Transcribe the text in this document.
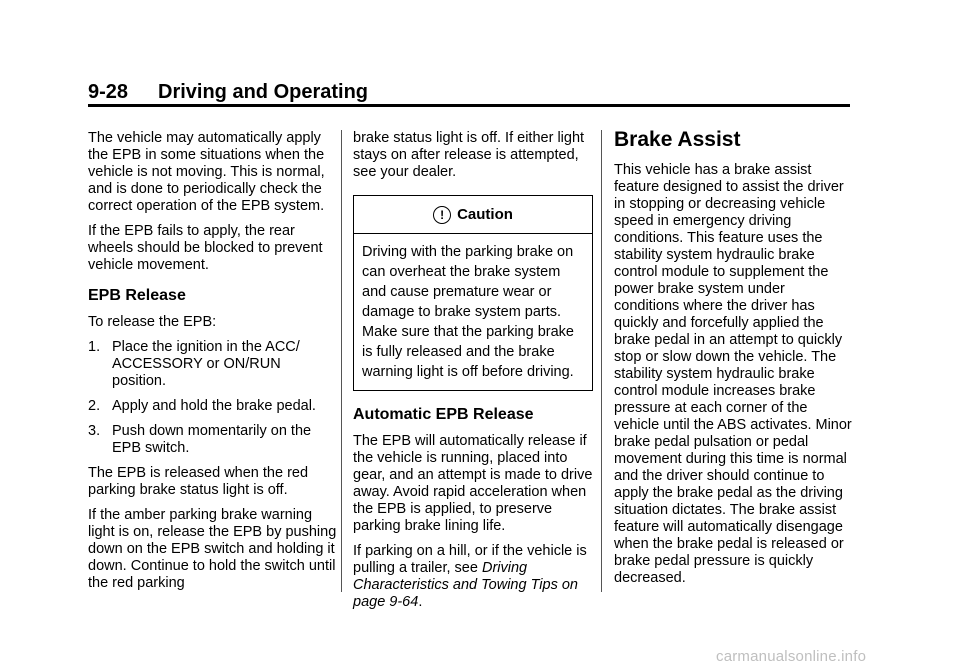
9-28	Driving and Operating

The vehicle may automatically apply the EPB in some situations when the vehicle is not moving. This is normal, and is done to periodically check the correct operation of the EPB system.

If the EPB fails to apply, the rear wheels should be blocked to prevent vehicle movement.

EPB Release

To release the EPB:

1. Place the ignition in the ACC/ ACCESSORY or ON/RUN position.
2. Apply and hold the brake pedal.
3. Push down momentarily on the EPB switch.

The EPB is released when the red parking brake status light is off.

If the amber parking brake warning light is on, release the EPB by pushing down on the EPB switch and holding it down. Continue to hold the switch until the red parking

brake status light is off. If either light stays on after release is attempted, see your dealer.

! Caution
Driving with the parking brake on can overheat the brake system and cause premature wear or damage to brake system parts. Make sure that the parking brake is fully released and the brake warning light is off before driving.
Automatic EPB Release

The EPB will automatically release if the vehicle is running, placed into gear, and an attempt is made to drive away. Avoid rapid acceleration when the EPB is applied, to preserve parking brake lining life.

If parking on a hill, or if the vehicle is pulling a trailer, see Driving Characteristics and Towing Tips on page 9-64.

Brake Assist

This vehicle has a brake assist feature designed to assist the driver in stopping or decreasing vehicle speed in emergency driving conditions. This feature uses the stability system hydraulic brake control module to supplement the power brake system under conditions where the driver has quickly and forcefully applied the brake pedal in an attempt to quickly stop or slow down the vehicle. The stability system hydraulic brake control module increases brake pressure at each corner of the vehicle until the ABS activates. Minor brake pedal pulsation or pedal movement during this time is normal and the driver should continue to apply the brake pedal as the driving situation dictates. The brake assist feature will automatically disengage when the brake pedal is released or brake pedal pressure is quickly decreased.

carmanualsonline.info
